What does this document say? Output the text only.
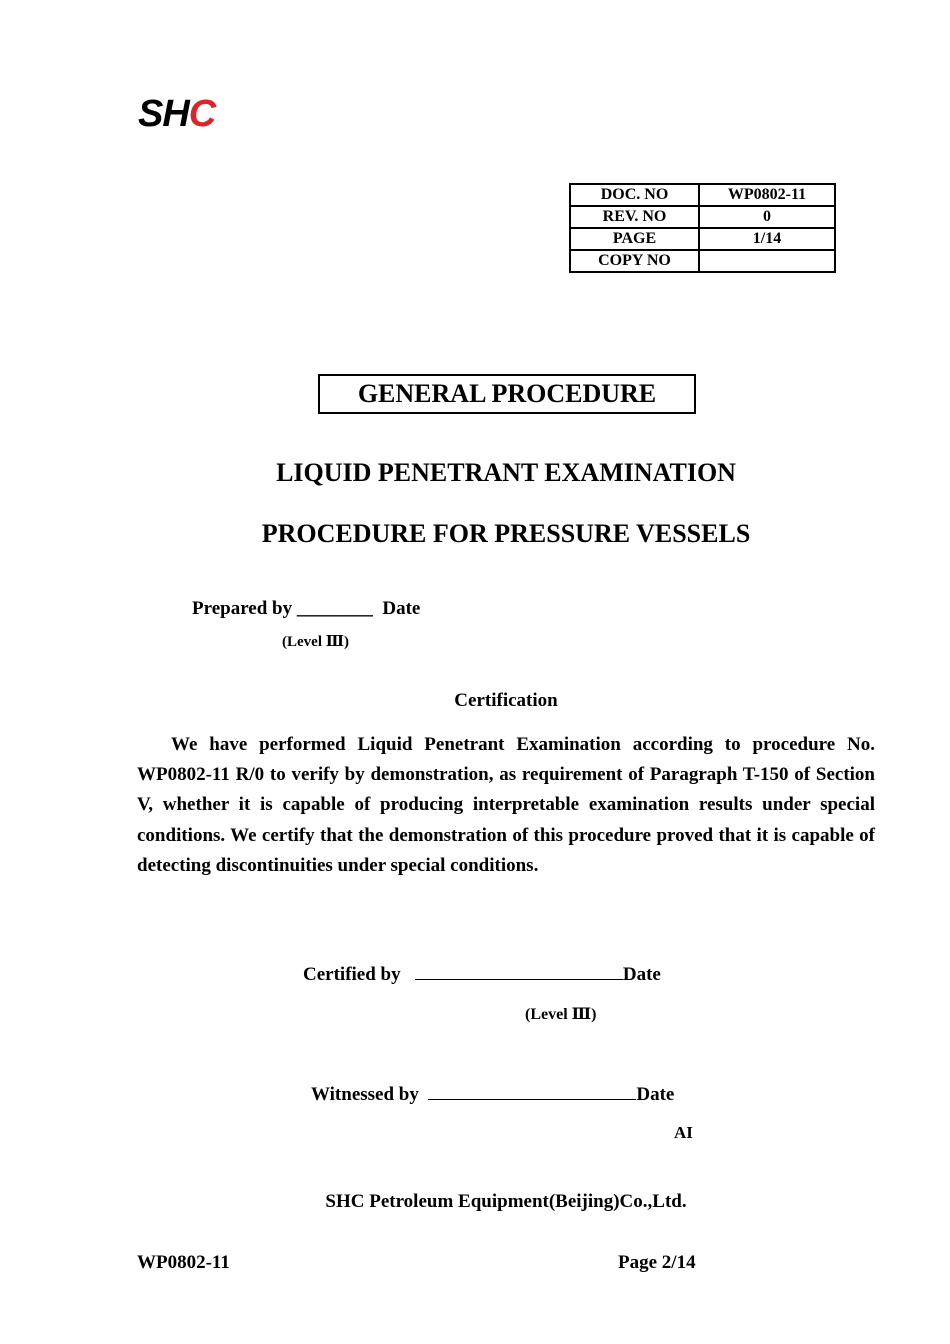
SHC
DOC. NO	WP0802-11
REV. NO	0
PAGE	1/14
COPY NO	
GENERAL PROCEDURE
LIQUID PENETRANT EXAMINATION
PROCEDURE FOR PRESSURE VESSELS
Prepared by ________ Date
(Level Ⅲ)
Certification
We have performed Liquid Penetrant Examination according to procedure No. WP0802-11 R/0 to verify by demonstration, as requirement of Paragraph T-150 of Section V, whether it is capable of producing interpretable examination results under special conditions. We certify that the demonstration of this procedure proved that it is capable of detecting discontinuities under special conditions.
Certified by	Date
(Level Ⅲ)
Witnessed by	Date
AI
SHC Petroleum Equipment(Beijing)Co.,Ltd.
WP0802-11	Page 2/14
